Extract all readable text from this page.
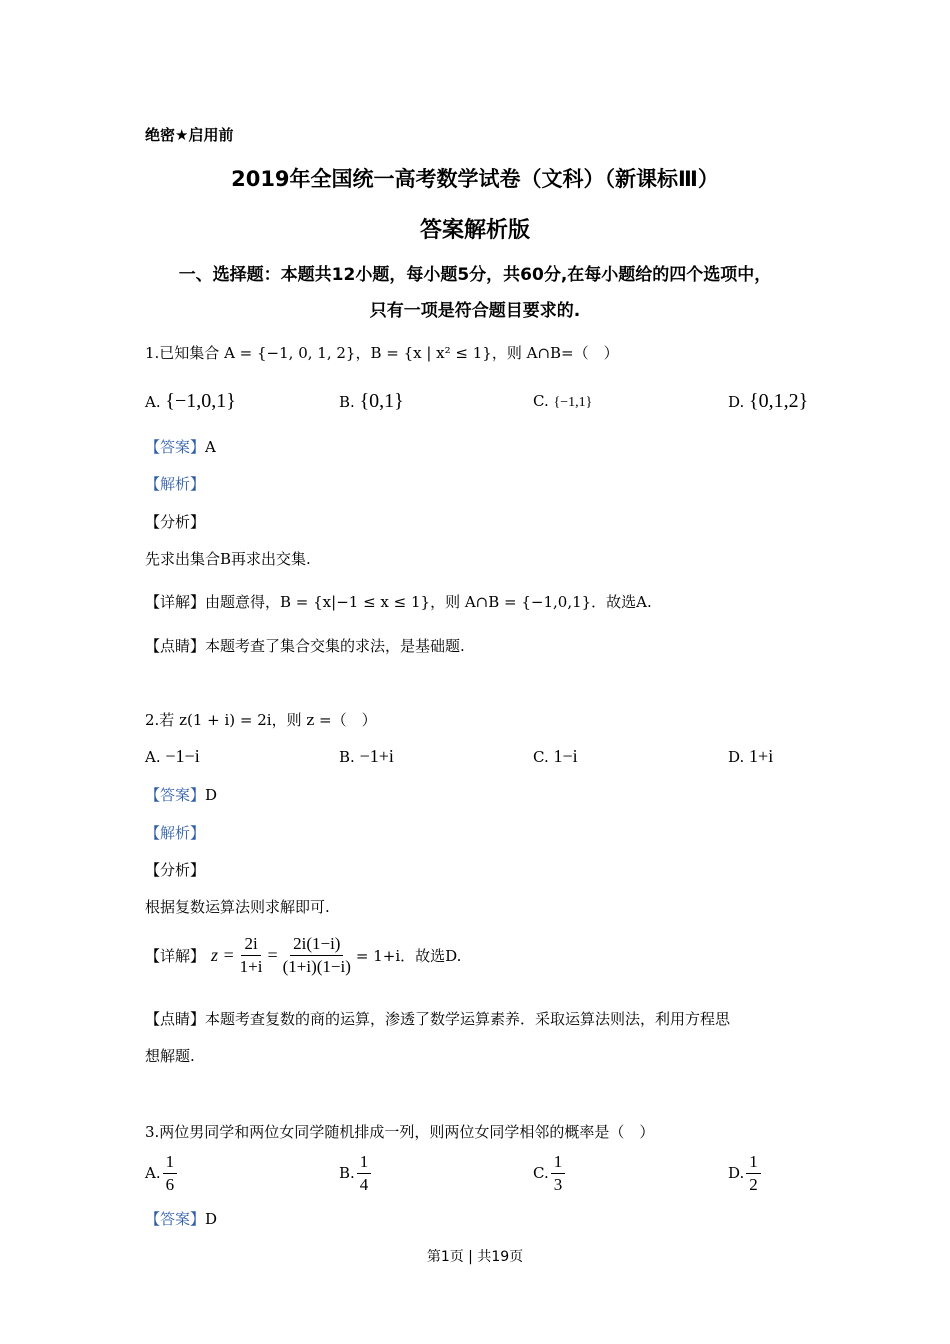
绝密★启用前
2019年全国统一高考数学试卷（文科）（新课标Ⅲ）
答案解析版
一、选择题：本题共12小题，每小题5分，共60分,在每小题给的四个选项中，
只有一项是符合题目要求的.
1.已知集合 A = {−1, 0, 1, 2}，B = {x | x² ≤ 1}，则 A∩B=（　）
A. {−1,0,1}	B. {0,1}	C. {−1,1}	D. {0,1,2}
【答案】A
【解析】
【分析】
先求出集合B再求出交集.
【详解】由题意得，B = {x|−1 ≤ x ≤ 1}，则 A∩B = {−1,0,1}．故选A.
【点睛】本题考查了集合交集的求法，是基础题.
2.若 z(1 + i) = 2i，则 z =（　）
A. −1−i	B. −1+i	C. 1−i	D. 1+i
【答案】D
【解析】
【分析】
根据复数运算法则求解即可.
【详解】 $z = \frac{2i}{1+i} = \frac{2i(1-i)}{(1+i)(1-i)} = 1+i$．故选D.
【点睛】本题考查复数的商的运算，渗透了数学运算素养．采取运算法则法，利用方程思
想解题.
3.两位男同学和两位女同学随机排成一列，则两位女同学相邻的概率是（　）
A. $\frac{1}{6}$	B. $\frac{1}{4}$	C. $\frac{1}{3}$	D. $\frac{1}{2}$
【答案】D
第1页 | 共19页
